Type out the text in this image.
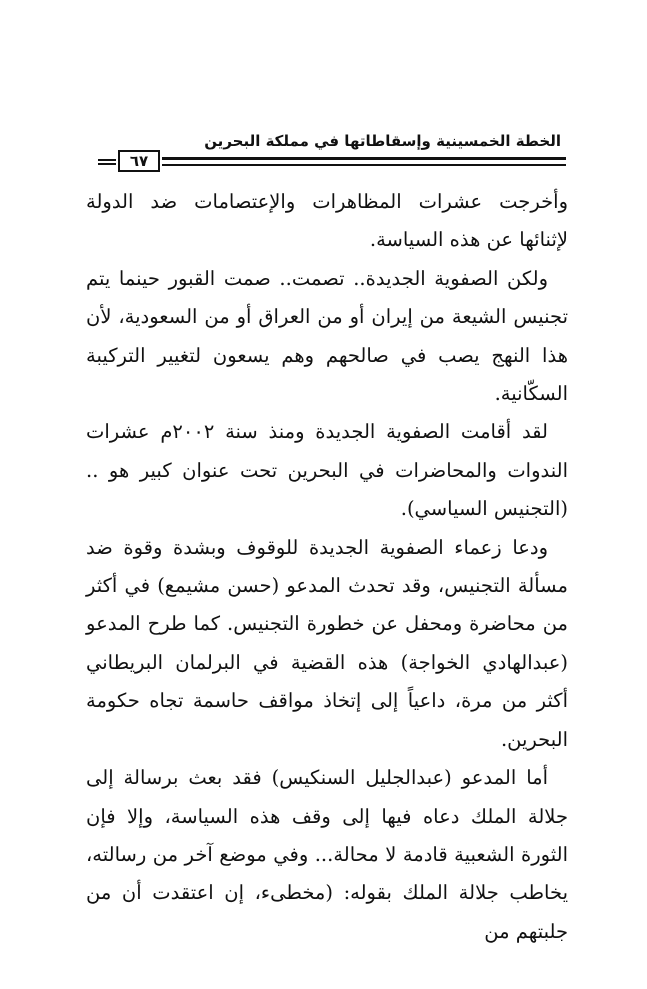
الخطة الخمسينية وإسقاطاتها في مملكة البحرين
٦٧

وأخرجت عشرات المظاهرات والإعتصامات ضد الدولة لإثنائها عن هذه السياسة.

ولكن الصفوية الجديدة.. تصمت.. صمت القبور حينما يتم تجنيس الشيعة من إيران أو من العراق أو من السعودية، لأن هذا النهج يصب في صالحهم وهم يسعون لتغيير التركيبة السكّانية.

لقد أقامت الصفوية الجديدة ومنذ سنة ٢٠٠٢م عشرات الندوات والمحاضرات في البحرين تحت عنوان كبير هو ..(التجنيس السياسي).

ودعا زعماء الصفوية الجديدة للوقوف وبشدة وقوة ضد مسألة التجنيس، وقد تحدث المدعو (حسن مشيمع) في أكثر من محاضرة ومحفل عن خطورة التجنيس. كما طرح المدعو (عبدالهادي الخواجة) هذه القضية في البرلمان البريطاني أكثر من مرة، داعياً إلى إتخاذ مواقف حاسمة تجاه حكومة البحرين.

أما المدعو (عبدالجليل السنكيس) فقد بعث برسالة إلى جلالة الملك دعاه فيها إلى وقف هذه السياسة، وإلا فإن الثورة الشعبية قادمة لا محالة... وفي موضع آخر من رسالته، يخاطب جلالة الملك بقوله: (مخطىء، إن اعتقدت أن من جلبتهم من
